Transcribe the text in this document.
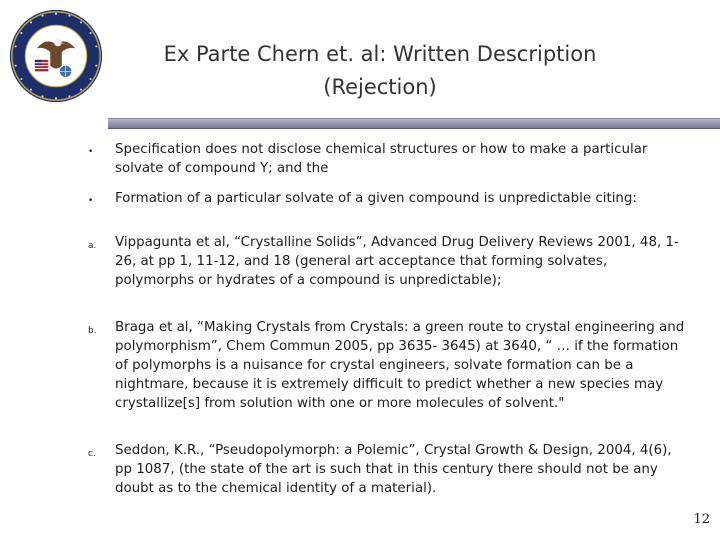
Ex Parte Chern et. al: Written Description
(Rejection)
• Specification does not disclose chemical structures or how to make a particular solvate of compound Y; and the
• Formation of a particular solvate of a given compound is unpredictable citing:
a. Vippagunta et al, “Crystalline Solids”, Advanced Drug Delivery Reviews 2001, 48, 1-26, at pp 1, 11-12, and 18 (general art acceptance that forming solvates, polymorphs or hydrates of a compound is unpredictable);
b. Braga et al, “Making Crystals from Crystals: a green route to crystal engineering and polymorphism”, Chem Commun 2005, pp 3635- 3645) at 3640, “ … if the formation of polymorphs is a nuisance for crystal engineers, solvate formation can be a nightmare, because it is extremely difficult to predict whether a new species may crystallize[s] from solution with one or more molecules of solvent."
c. Seddon, K.R., “Pseudopolymorph: a Polemic”, Crystal Growth & Design, 2004, 4(6), pp 1087, (the state of the art is such that in this century there should not be any doubt as to the chemical identity of a material).
12
